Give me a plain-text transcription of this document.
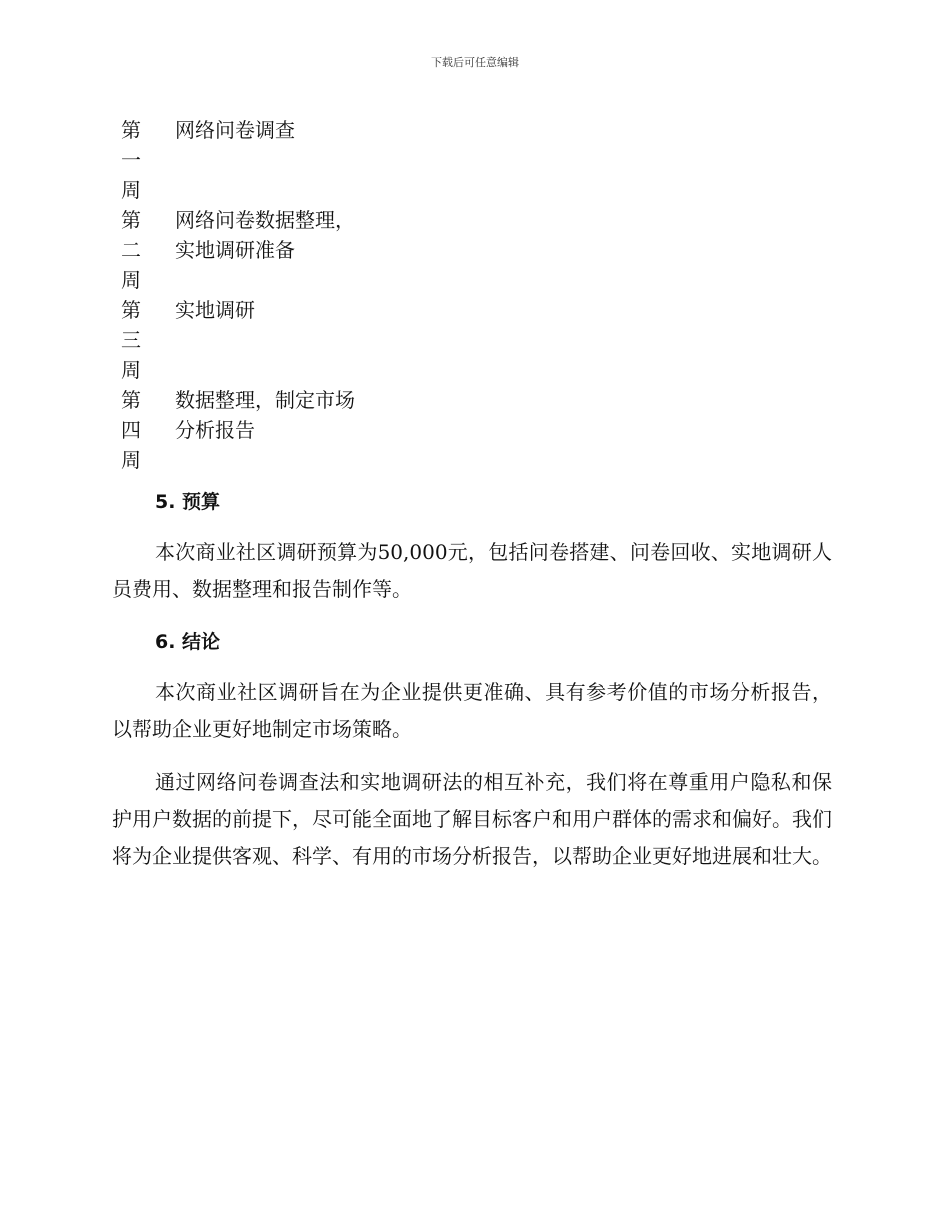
下载后可任意编辑
第一周
网络问卷调查
第二周
网络问卷数据整理，实地调研准备
第三周
实地调研
第四周
数据整理，制定市场分析报告
5. 预算

本次商业社区调研预算为50,000元，包括问卷搭建、问卷回收、实地调研人员费用、数据整理和报告制作等。

6. 结论

本次商业社区调研旨在为企业提供更准确、具有参考价值的市场分析报告，以帮助企业更好地制定市场策略。

通过网络问卷调查法和实地调研法的相互补充，我们将在尊重用户隐私和保护用户数据的前提下，尽可能全面地了解目标客户和用户群体的需求和偏好。我们将为企业提供客观、科学、有用的市场分析报告，以帮助企业更好地进展和壮大。
